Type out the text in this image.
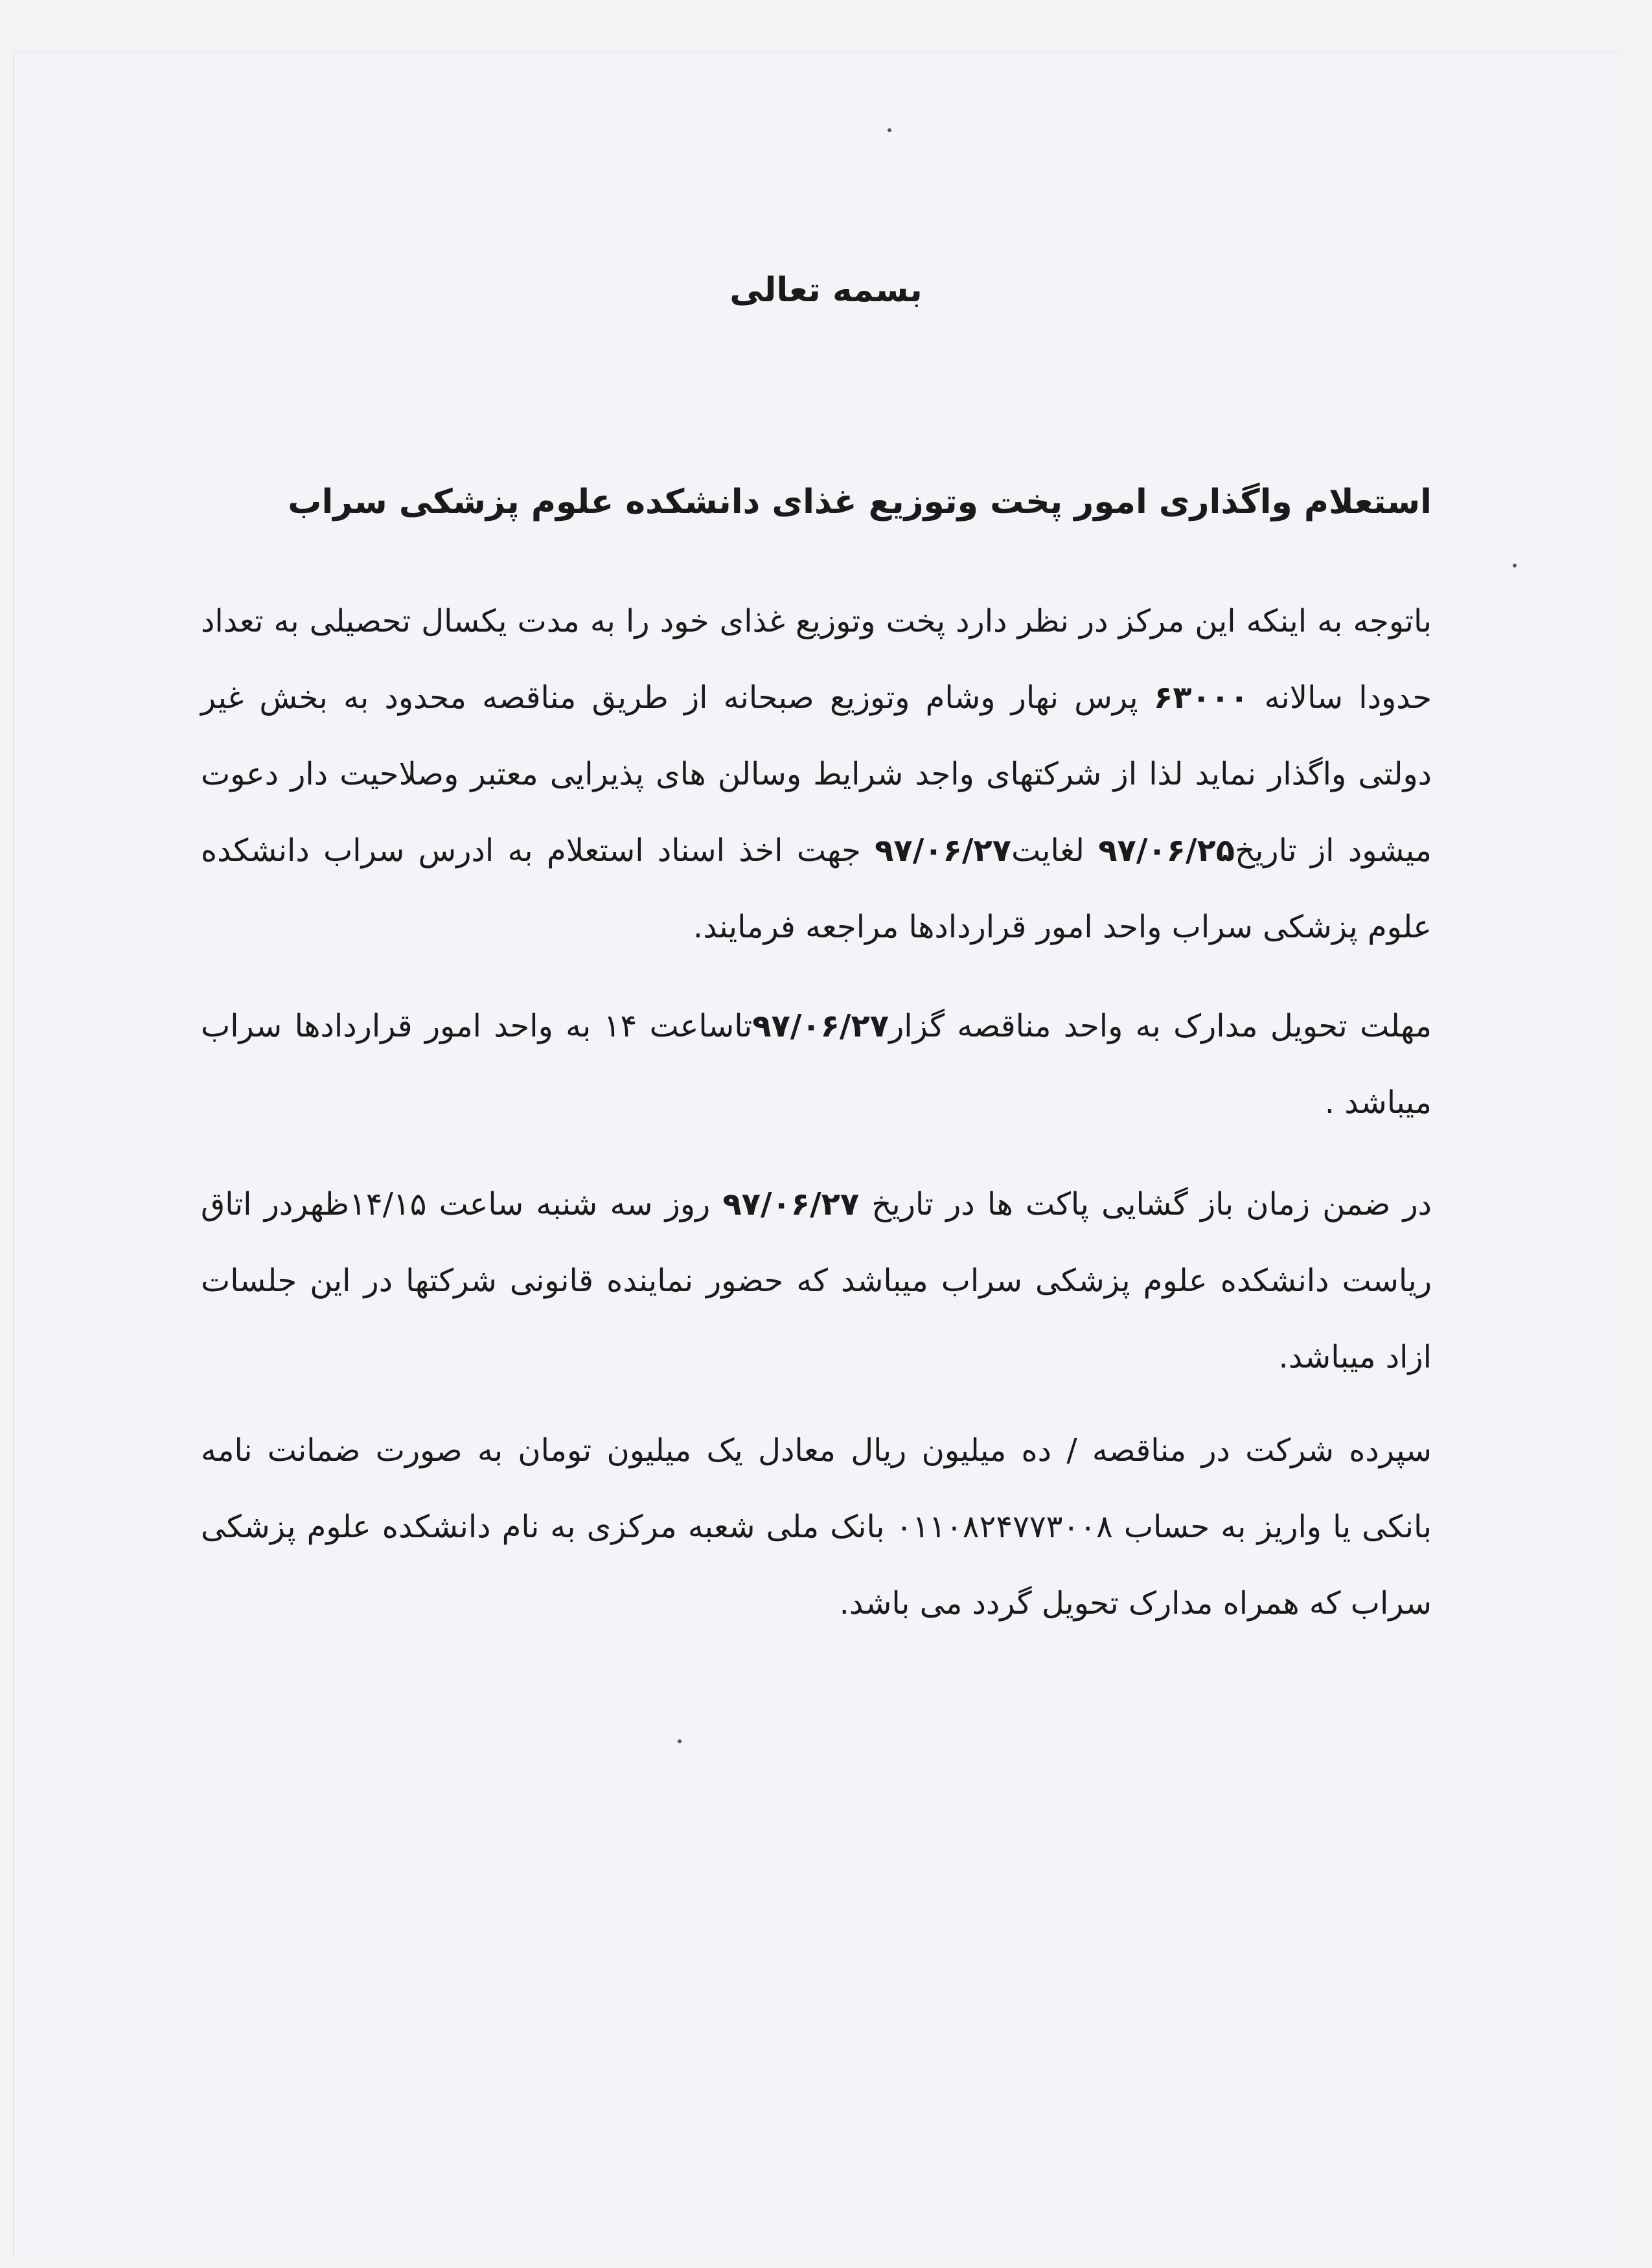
بسمه تعالی
استعلام واگذاری امور پخت وتوزیع غذای دانشکده علوم پزشکی سراب
باتوجه به اینکه این مرکز در نظر دارد پخت وتوزیع غذای خود را به مدت یکسال تحصیلی به تعداد حدودا سالانه ۶۳۰۰۰ پرس نهار وشام وتوزیع صبحانه از طریق مناقصه محدود به بخش غیر دولتی واگذار نماید لذا از شرکتهای واجد شرایط وسالن های پذیرایی معتبر وصلاحیت دار دعوت میشود از تاریخ۹۷/۰۶/۲۵ لغایت۹۷/۰۶/۲۷ جهت اخذ اسناد استعلام به ادرس سراب دانشکده علوم پزشکی سراب واحد امور قراردادها مراجعه فرمایند.
مهلت تحویل مدارک به واحد مناقصه گزار۹۷/۰۶/۲۷تاساعت ۱۴ به واحد امور قراردادها سراب میباشد .
در ضمن زمان باز گشایی پاکت ها در تاریخ ۹۷/۰۶/۲۷ روز سه شنبه ساعت ۱۴/۱۵ظهردر اتاق ریاست دانشکده علوم پزشکی سراب میباشد که حضور نماینده قانونی شرکتها در این جلسات ازاد میباشد.
سپرده شرکت در مناقصه / ده میلیون ریال معادل یک میلیون تومان به صورت ضمانت نامه بانکی یا واریز به حساب ۰۱۱۰۸۲۴۷۷۳۰۰۸ بانک ملی شعبه مرکزی به نام دانشکده علوم پزشکی سراب که همراه مدارک تحویل گردد می باشد.
